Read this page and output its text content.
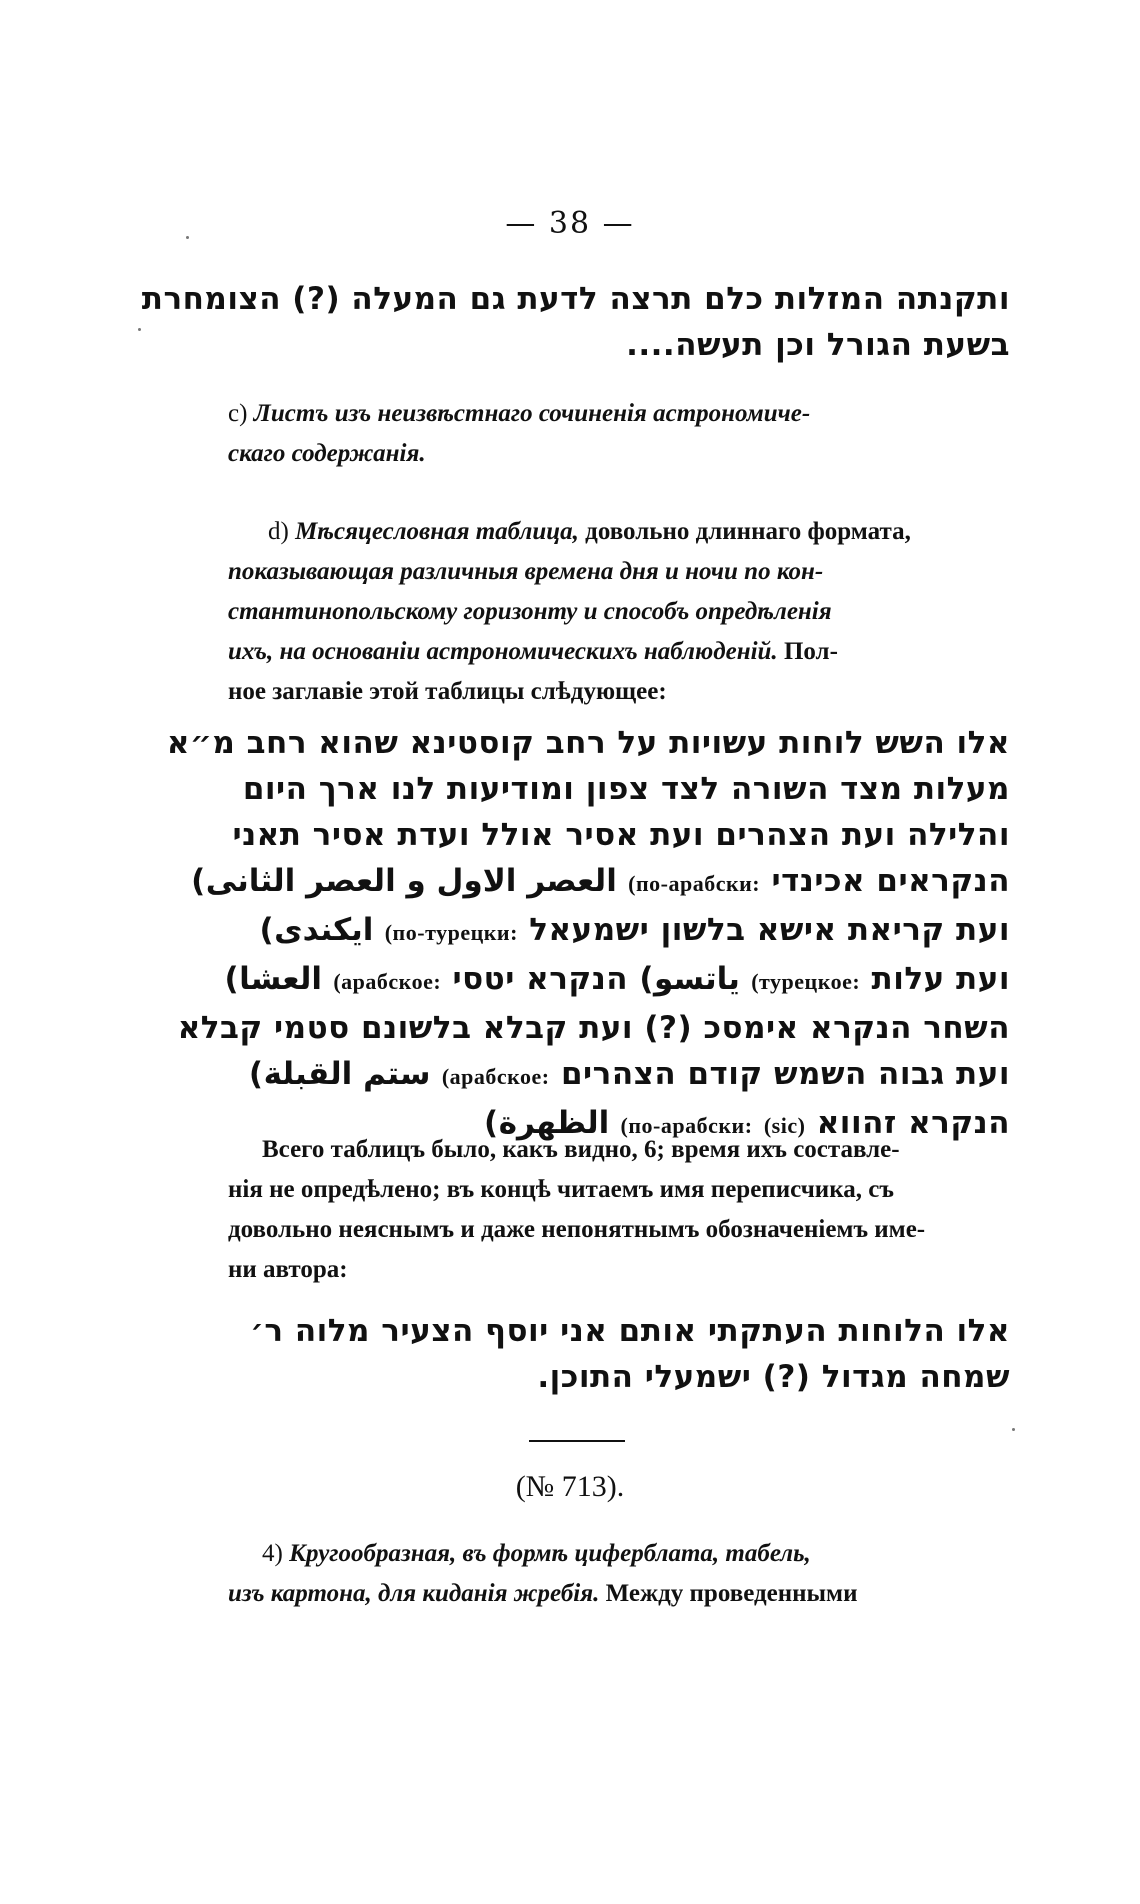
— 38 —
ותקנתה המזלות כלם תרצה לדעת גם המעלה (?) הצומחרת
בשעת הגורל וכן תעשה....
c) Листъ изъ неизвѣстнаго сочиненія астрономиче-
скаго содержанія.
d) Мѣсяцесловная таблица, довольно длиннаго формата,
показывающая различныя времена дня и ночи по кон-
стантинопольскому горизонту и способъ опредѣленія
ихъ, на основаніи астрономическихъ наблюденій. Пол-
ное заглавіе этой таблицы слѣдующее:
אלו השש לוחות עשויות על רחב קוסטינא שהוא רחב מ״א
מעלות מצד השורה לצד צפון ומודיעות לנו ארך היום
והלילה ועת הצהרים ועת אסיר אולל ועדת אסיר תאני
הנקראים אכינדי (по-арабски: العصر الاول و العصر الثانى)
ועת קריאת אישא בלשון ישמעאל (по-турецки: ایکندی)
ועת עלות (турецкое: یاتسو) הנקרא יטסי (арабское: العشا)
השחר הנקרא אימסכ (?) ועת קבלא בלשונם סטמי קבלא
ועת גבוה השמש קודם הצהרים (арабское: ستم القبلة)
הנקרא זהווא (sic) (по-арабски: الظهرة)
Всего таблицъ было, какъ видно, 6; время ихъ составле-
нія не опредѣлено; въ концѣ читаемъ имя переписчика, съ
довольно неяснымъ и даже непонятнымъ обозначеніемъ име-
ни автора:
אלו הלוחות העתקתי אותם אני יוסף הצעיר מלוה ר׳
שמחה מגדול (?) ישמעלי התוכן.
(№ 713).
4) Кругообразная, въ формѣ циферблата, табель,
изъ картона, для киданія жребія. Между проведенными
